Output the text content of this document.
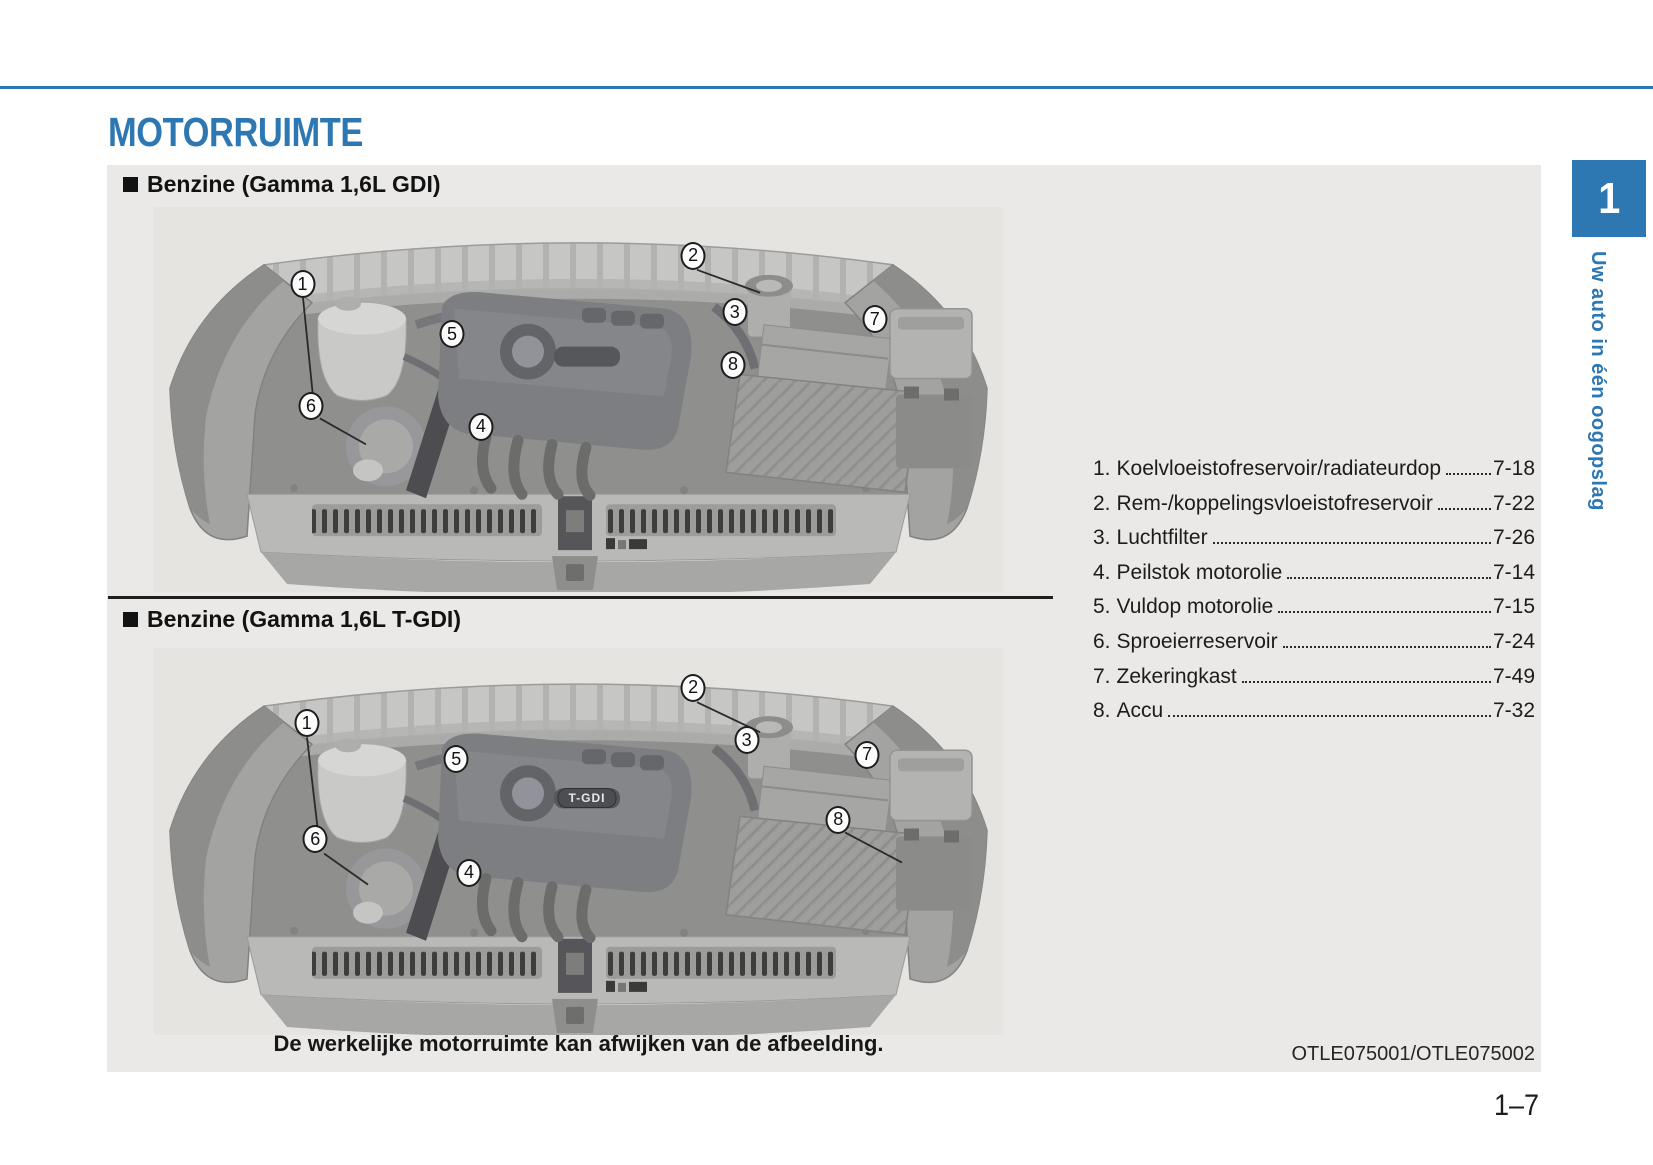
MOTORRUIMTE
Benzine (Gamma 1,6L GDI)
1
2
3
4
5
6
7
8
Benzine (Gamma 1,6L T-GDI)
T-GDI
1
2
3
4
5
6
7
8
De werkelijke motorruimte kan afwijken van de afbeelding.
1. Koelvloeistofreservoir/radiateurdop 7-18
2. Rem-/koppelingsvloeistofreservoir	7-22
3. Luchtfilter	7-26
4. Peilstok motorolie	7-14
5. Vuldop motorolie	7-15
6. Sproeierreservoir	7-24
7. Zekeringkast	7-49
8. Accu	7-32
OTLE075001/OTLE075002
1
Uw auto in één oogopslag
1–7
